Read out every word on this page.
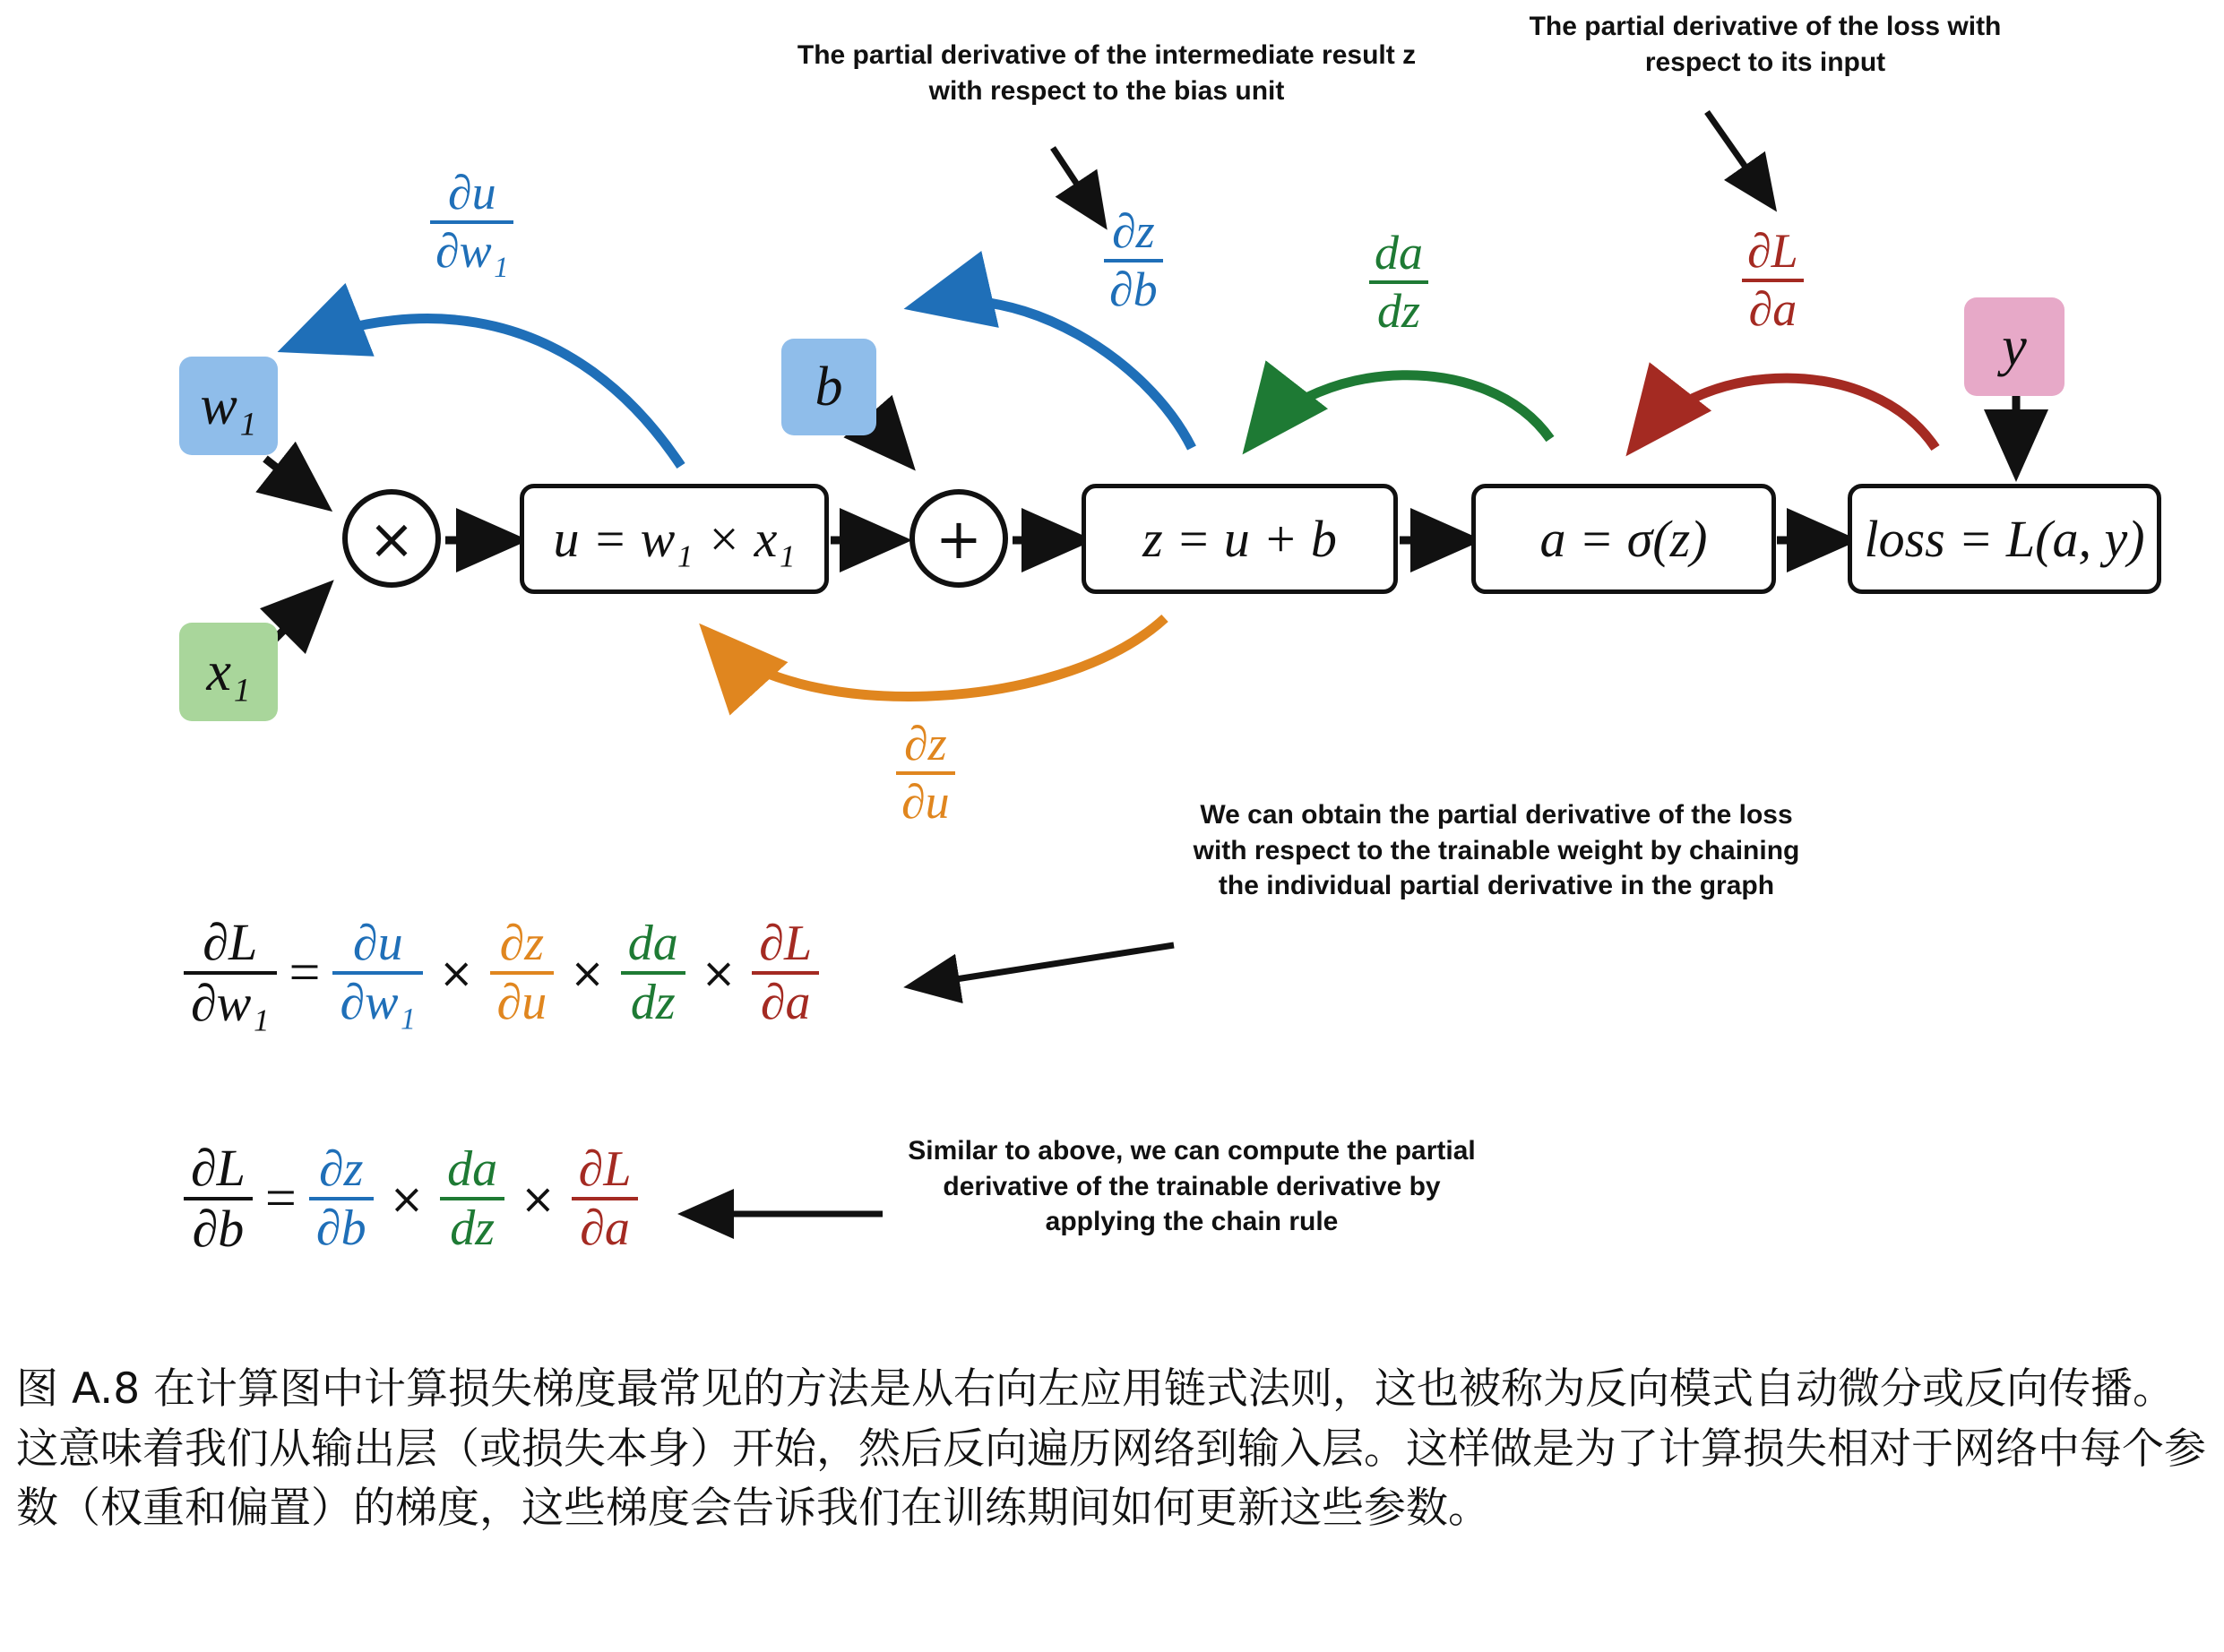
w₁
x₁
b
y
×	+
u = w₁ × x₁	z = u + b	a = σ(z)	loss = L(a, y)
∂u
∂w₁	∂z
∂b
da
dz
∂L
∂a
∂z
∂u
The partial derivative of the intermediate result z with respect to the bias unit
The partial derivative of the loss with respect to its input
We can obtain the partial derivative of the loss with respect to the trainable weight by chaining the individual partial derivative in the graph
Similar to above, we can compute the partial derivative of the trainable derivative by applying the chain rule
$\frac{\partial L}{\text{∂w₁}} = \frac{\partial u}{\text{∂w₁}} \times \frac{\partial z}{\partial u} \times \frac{da}{dz} \times \frac{\partial L}{\partial a}$
$\frac{\partial L}{\partial b} = \frac{\partial z}{\partial b} \times \frac{da}{dz} \times \frac{\partial L}{\partial a}$
图 A.8 在计算图中计算损失梯度最常见的方法是从右向左应用链式法则，这也被称为反向模式自动微分或反向传播。这意味着我们从输出层（或损失本身）开始，然后反向遍历网络到输入层。这样做是为了计算损失相对于网络中每个参数（权重和偏置）的梯度，这些梯度会告诉我们在训练期间如何更新这些参数。
